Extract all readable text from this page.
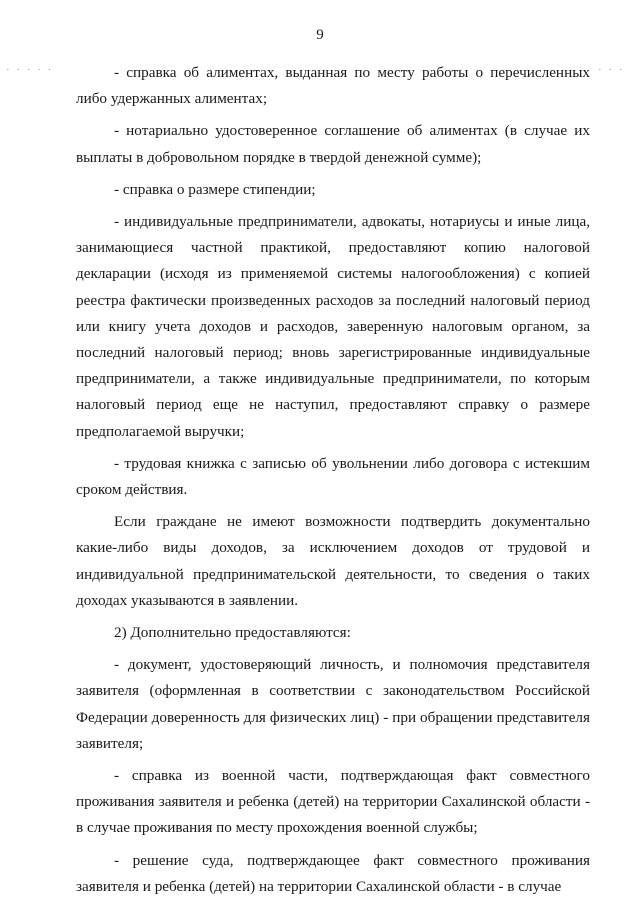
· · · · ·	· · ·
9

- справка об алиментах, выданная по месту работы о перечисленных либо удержанных алиментах;

- нотариально удостоверенное соглашение об алиментах (в случае их выплаты в добровольном порядке в твердой денежной сумме);

- справка о размере стипендии;

- индивидуальные предприниматели, адвокаты, нотариусы и иные лица, занимающиеся частной практикой, предоставляют копию налоговой декларации (исходя из применяемой системы налогообложения) с копией реестра фактически произведенных расходов за последний налоговый период или книгу учета доходов и расходов, заверенную налоговым органом, за последний налоговый период; вновь зарегистрированные индивидуальные предприниматели, а также индивидуальные предприниматели, по которым налоговый период еще не наступил, предоставляют справку о размере предполагаемой выручки;

- трудовая книжка с записью об увольнении либо договора с истекшим сроком действия.

Если граждане не имеют возможности подтвердить документально какие-либо виды доходов, за исключением доходов от трудовой и индивидуальной предпринимательской деятельности, то сведения о таких доходах указываются в заявлении.

2) Дополнительно предоставляются:

- документ, удостоверяющий личность, и полномочия представителя заявителя (оформленная в соответствии с законодательством Российской Федерации доверенность для физических лиц) - при обращении представителя заявителя;

- справка из военной части, подтверждающая факт совместного проживания заявителя и ребенка (детей) на территории Сахалинской области - в случае проживания по месту прохождения военной службы;

- решение суда, подтверждающее факт совместного проживания заявителя и ребенка (детей) на территории Сахалинской области - в случае
